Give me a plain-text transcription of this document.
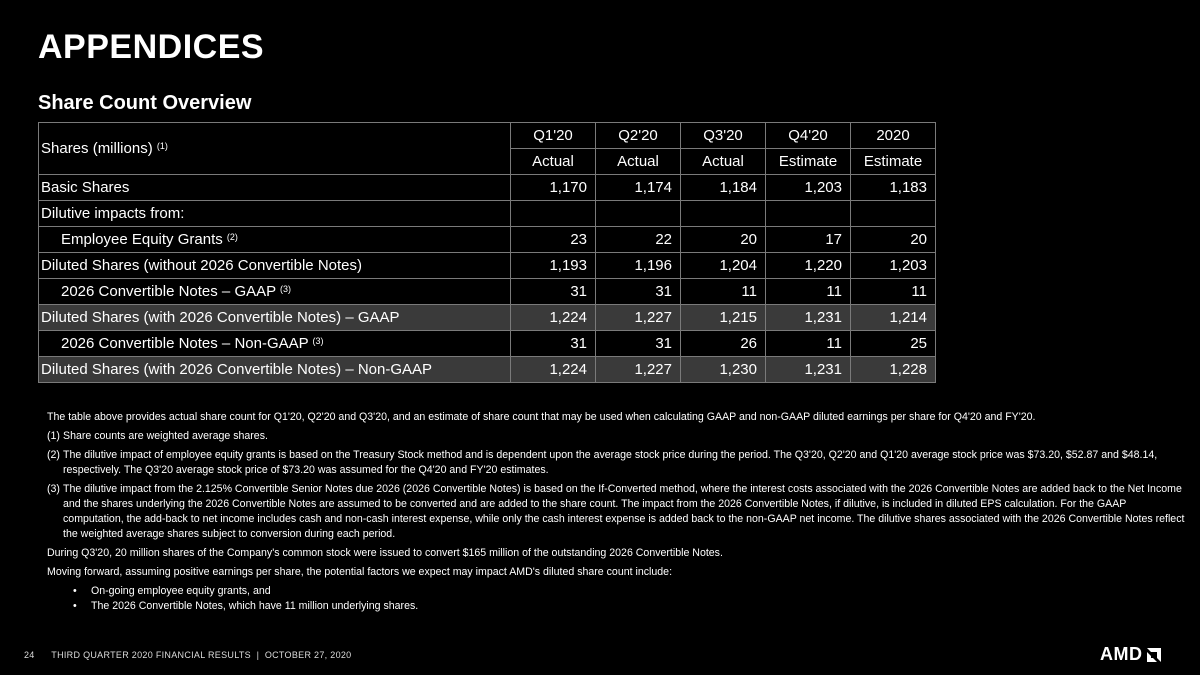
APPENDICES
Share Count Overview
Shares (millions) $^{(1)}$	Q1'20	Q2'20	Q3'20	Q4'20	2020
	Actual	Actual	Actual	Estimate	Estimate
Basic Shares	1,170	1,174	1,184	1,203	1,183
Dilutive impacts from:					
Employee Equity Grants $^{(2)}$	23	22	20	17	20
Diluted Shares (without 2026 Convertible Notes)	1,193	1,196	1,204	1,220	1,203
2026 Convertible Notes – GAAP $^{(3)}$	31	31	11	11	11
Diluted Shares (with 2026 Convertible Notes) – GAAP	1,224	1,227	1,215	1,231	1,214
2026 Convertible Notes – Non-GAAP $^{(3)}$	31	31	26	11	25
Diluted Shares (with 2026 Convertible Notes) – Non-GAAP	1,224	1,227	1,230	1,231	1,228

The table above provides actual share count for Q1'20, Q2'20 and Q3'20, and an estimate of share count that may be used when calculating GAAP and non-GAAP diluted earnings per share for Q4'20 and FY'20.

(1) Share counts are weighted average shares.
(2) The dilutive impact of employee equity grants is based on the Treasury Stock method and is dependent upon the average stock price during the period. The Q3'20, Q2'20 and Q1'20 average stock price was $73.20, $52.87 and $48.14, respectively. The Q3'20 average stock price of $73.20 was assumed for the Q4'20 and FY'20 estimates.
(3) The dilutive impact from the 2.125% Convertible Senior Notes due 2026 (2026 Convertible Notes) is based on the If-Converted method, where the interest costs associated with the 2026 Convertible Notes are added back to the Net Income and the shares underlying the 2026 Convertible Notes are assumed to be converted and are added to the share count. The impact from the 2026 Convertible Notes, if dilutive, is included in diluted EPS calculation. For the GAAP computation, the add-back to net income includes cash and non-cash interest expense, while only the cash interest expense is added back to the non-GAAP net income. The dilutive shares associated with the 2026 Convertible Notes reflect the weighted average shares subject to conversion during each period.

During Q3'20, 20 million shares of the Company's common stock were issued to convert $165 million of the outstanding 2026 Convertible Notes.

Moving forward, assuming positive earnings per share, the potential factors we expect may impact AMD's diluted share count include:

•	On-going employee equity grants, and
•	The 2026 Convertible Notes, which have 11 million underlying shares.
24 THIRD QUARTER 2020 FINANCIAL RESULTS | OCTOBER 27, 2020	AMD
